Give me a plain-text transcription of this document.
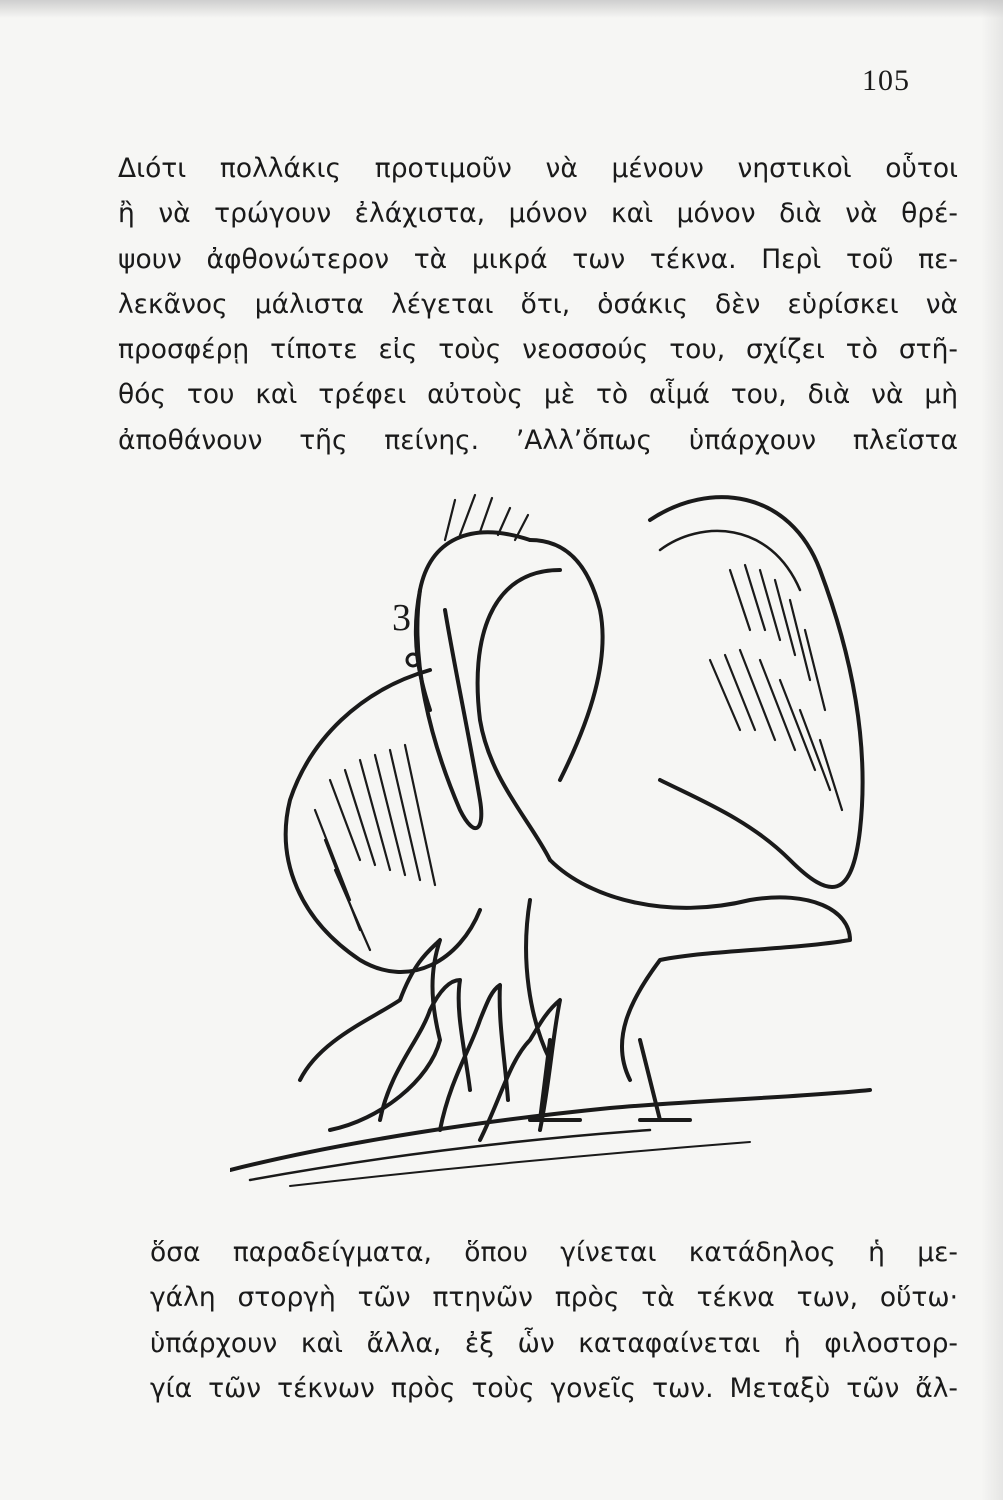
105
Διότι πολλάκις προτιμοῦν νὰ μένουν νηστικοὶ οὗτοι
ἢ νὰ τρώγουν ἐλάχιστα, μόνον καὶ μόνον διὰ νὰ θρέ-
ψουν ἀφθονώτερον τὰ μικρά των τέκνα. Περὶ τοῦ πε-
λεκᾶνος μάλιστα λέγεται ὅτι, ὁσάκις δὲν εὑρίσκει νὰ
προσφέρῃ τίποτε εἰς τοὺς νεοσσούς του, σχίζει τὸ στῆ-
θός του καὶ τρέφει αὐτοὺς μὲ τὸ αἷμά του, διὰ νὰ μὴ
ἀποθάνουν τῆς πείνης. ’Αλλ’ὅπως ὑπάρχουν πλεῖστα
3
ὅσα παραδείγματα, ὅπου γίνεται κατάδηλος ἡ με-
γάλη στοργὴ τῶν πτηνῶν πρὸς τὰ τέκνα των, οὕτω·
ὑπάρχουν καὶ ἄλλα, ἐξ ὧν καταφαίνεται ἡ φιλοστορ-
γία τῶν τέκνων πρὸς τοὺς γονεῖς των. Μεταξὺ τῶν ἄλ-
